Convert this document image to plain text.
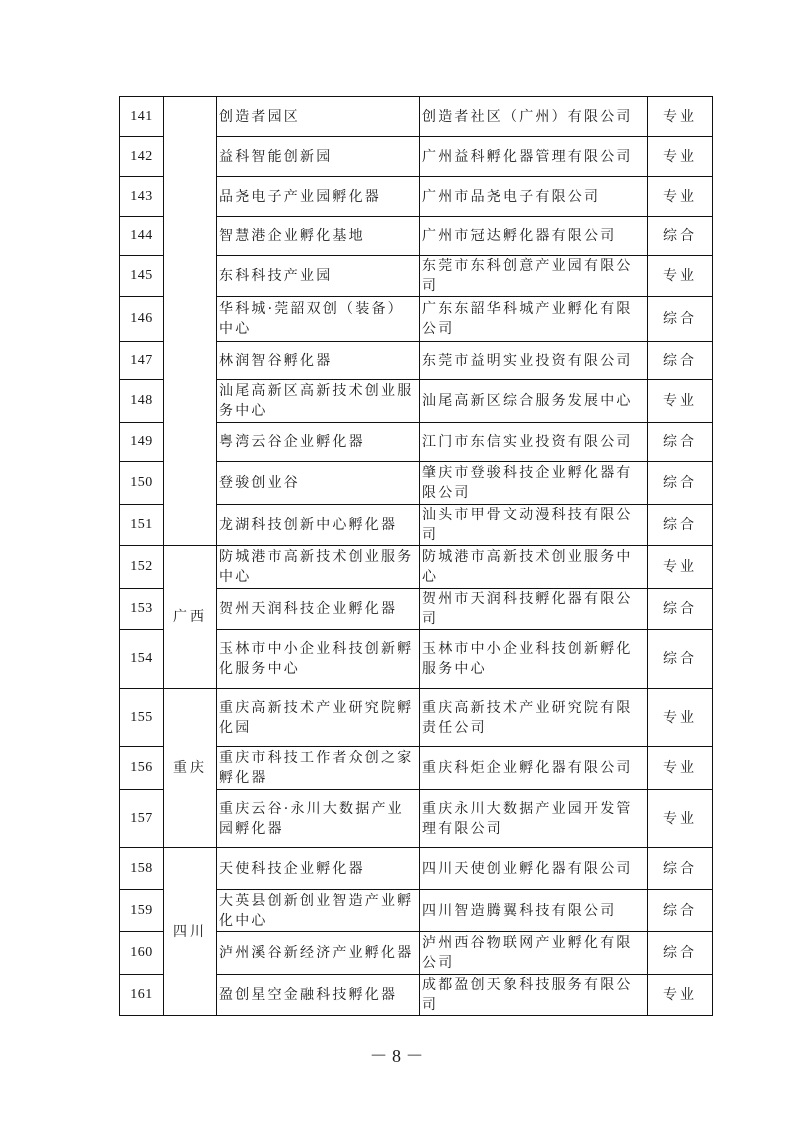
141		创造者园区	创造者社区（广州）有限公司	专业
142		益科智能创新园	广州益科孵化器管理有限公司	专业
143		品尧电子产业园孵化器	广州市品尧电子有限公司	专业
144		智慧港企业孵化基地	广州市冠达孵化器有限公司	综合
145		东科科技产业园	东莞市东科创意产业园有限公司	专业
146		华科城·莞韶双创（装备）中心	广东东韶华科城产业孵化有限公司	综合
147		林润智谷孵化器	东莞市益明实业投资有限公司	综合
148		汕尾高新区高新技术创业服务中心	汕尾高新区综合服务发展中心	专业
149		粤湾云谷企业孵化器	江门市东信实业投资有限公司	综合
150		登骏创业谷	肇庆市登骏科技企业孵化器有限公司	综合
151		龙湖科技创新中心孵化器	汕头市甲骨文动漫科技有限公司	综合
152	广西	防城港市高新技术创业服务中心	防城港市高新技术创业服务中心	专业
153		贺州天润科技企业孵化器	贺州市天润科技孵化器有限公司	综合
154		玉林市中小企业科技创新孵化服务中心	玉林市中小企业科技创新孵化服务中心	综合
155	重庆	重庆高新技术产业研究院孵化园	重庆高新技术产业研究院有限责任公司	专业
156		重庆市科技工作者众创之家孵化器	重庆科炬企业孵化器有限公司	专业
157		重庆云谷·永川大数据产业园孵化器	重庆永川大数据产业园开发管理有限公司	专业
158	四川	天使科技企业孵化器	四川天使创业孵化器有限公司	综合
159		大英县创新创业智造产业孵化中心	四川智造腾翼科技有限公司	综合
160		泸州溪谷新经济产业孵化器	泸州西谷物联网产业孵化有限公司	综合
161		盈创星空金融科技孵化器	成都盈创天象科技服务有限公司	专业
－ 8 －
